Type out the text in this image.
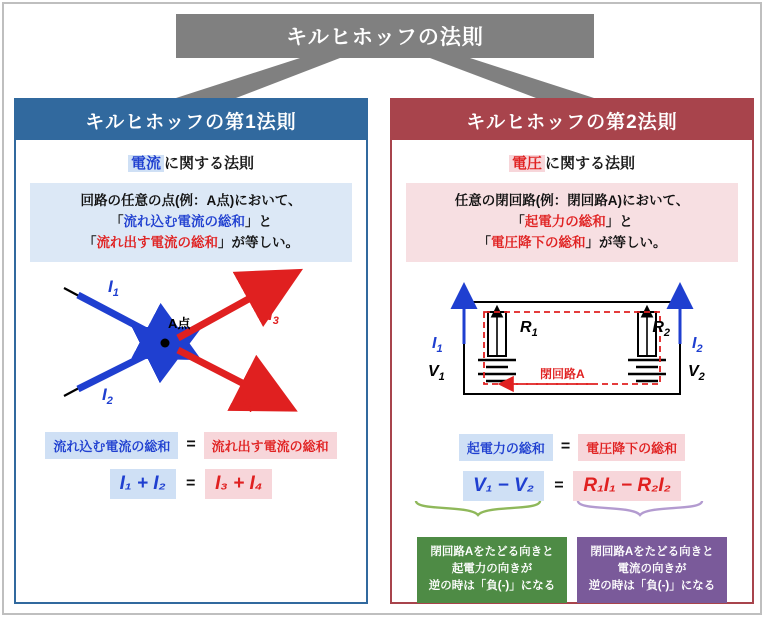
キルヒホッフの法則
キルヒホッフの第1法則
電流 に関する法則
回路の任意の点(例：A点)において、
「流れ込む電流の総和」と
「流れ出す電流の総和」が等しい。
A点
$I_1$
$I_2$
$I_3$
$I_4$
流れ込む電流の総和	=	流れ出す電流の総和
I₁ + I₂	=	I₃ + I₄
キルヒホッフの第2法則
電圧 に関する法則
任意の閉回路(例：閉回路A)において、
「起電力の総和」と
「電圧降下の総和」が等しい。
閉回路A
$I_1$	$I_2$
$R_1$	$R_2$
$V_1$	$V_2$
起電力の総和	=	電圧降下の総和
V₁ − V₂	=	R₁I₁ − R₂I₂
閉回路Aをたどる向きと
起電力の向きが
逆の時は「負(-)」になる
閉回路Aをたどる向きと
電流の向きが
逆の時は「負(-)」になる
